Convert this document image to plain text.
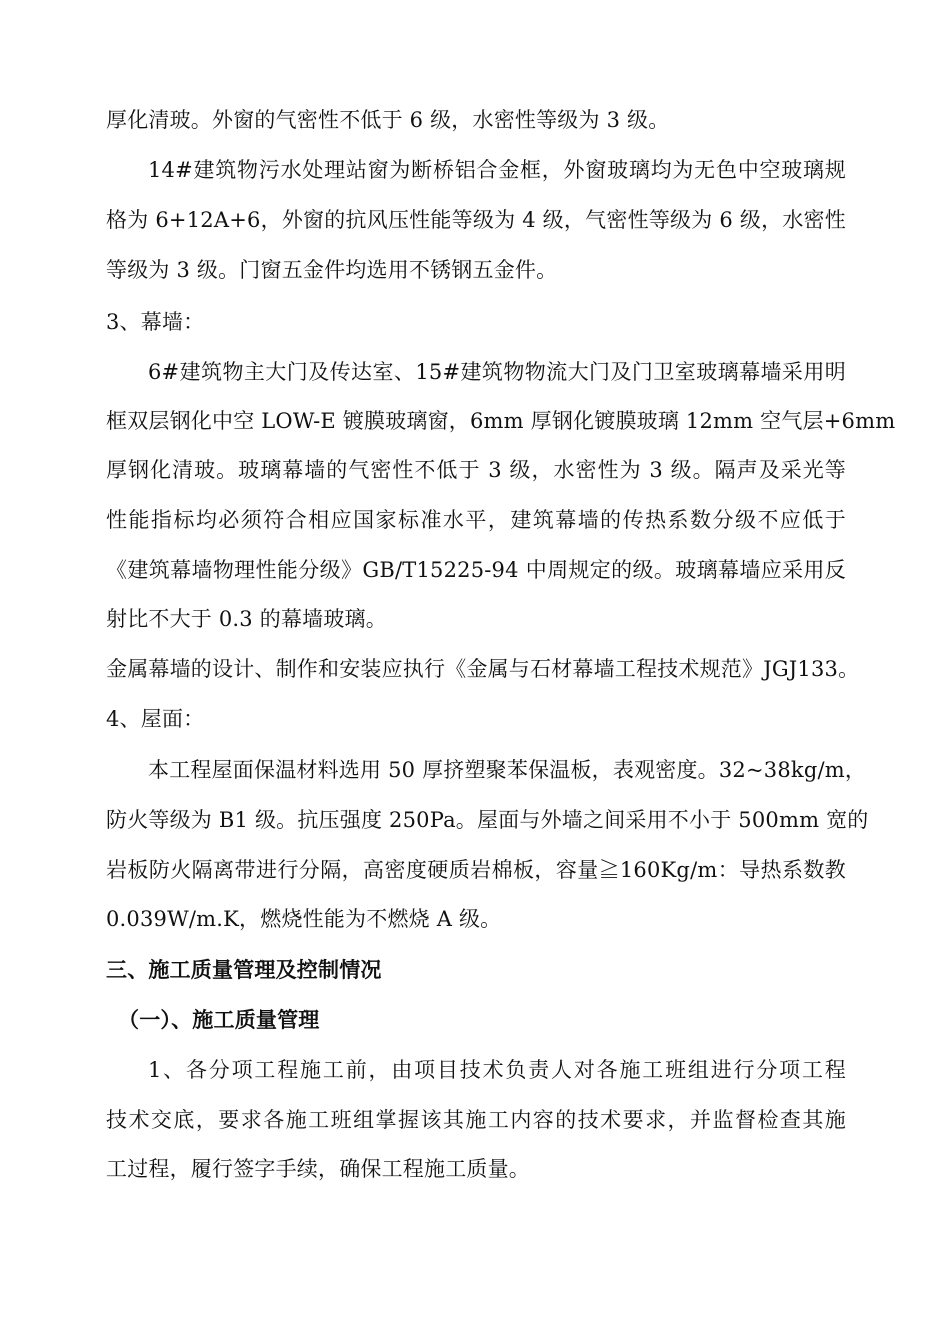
厚化清玻。外窗的气密性不低于 6 级，水密性等级为 3 级。
14#建筑物污水处理站窗为断桥铝合金框，外窗玻璃均为无色中空玻璃规
格为 6+12A+6，外窗的抗风压性能等级为 4 级，气密性等级为 6 级，水密性
等级为 3 级。门窗五金件均选用不锈钢五金件。
3、幕墙：
6#建筑物主大门及传达室、15#建筑物物流大门及门卫室玻璃幕墙采用明
框双层钢化中空 LOW-E 镀膜玻璃窗，6mm 厚钢化镀膜玻璃 12mm 空气层+6mm
厚钢化清玻。玻璃幕墙的气密性不低于 3 级，水密性为 3 级。隔声及采光等
性能指标均必须符合相应国家标准水平，建筑幕墙的传热系数分级不应低于
《建筑幕墙物理性能分级》GB/T15225-94 中周规定的级。玻璃幕墙应采用反
射比不大于 0.3 的幕墙玻璃。
金属幕墙的设计、制作和安装应执行《金属与石材幕墙工程技术规范》JGJ133。
4、屋面：
本工程屋面保温材料选用 50 厚挤塑聚苯保温板，表观密度。32~38kg/m，
防火等级为 B1 级。抗压强度 250Pa。屋面与外墙之间采用不小于 500mm 宽的
岩板防火隔离带进行分隔，高密度硬质岩棉板，容量≧160Kg/m：导热系数教
0.039W/m.K，燃烧性能为不燃烧 A 级。
三、施工质量管理及控制情况
（一）、施工质量管理
1、各分项工程施工前，由项目技术负责人对各施工班组进行分项工程
技术交底，要求各施工班组掌握该其施工内容的技术要求，并监督检查其施
工过程，履行签字手续，确保工程施工质量。
